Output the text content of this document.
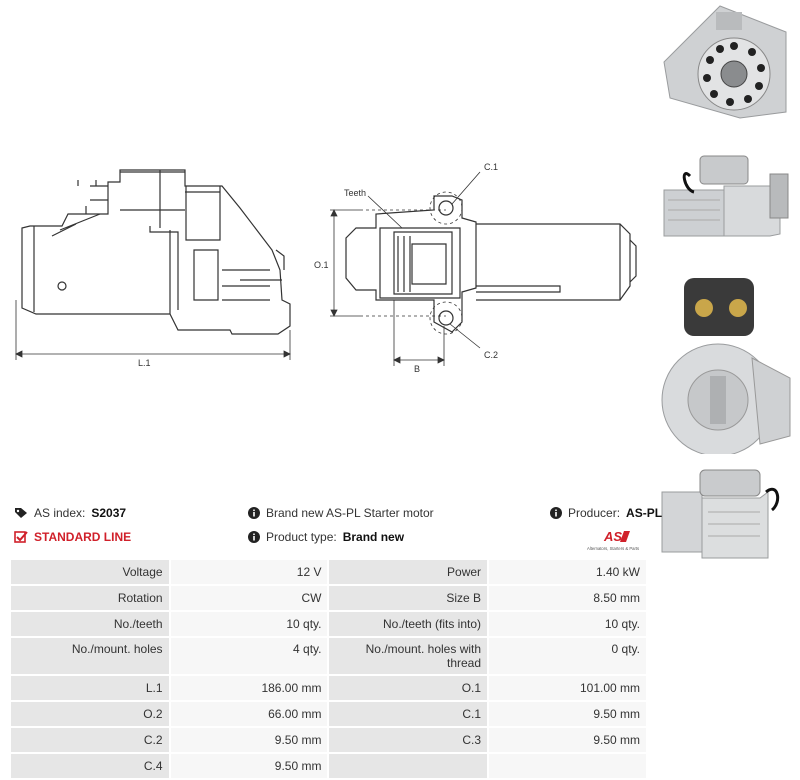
L.1
O.1
B
C.1
C.2
Teeth
AS index: S2037
STANDARD LINE
Brand new AS-PL Starter motor
Product type: Brand new
Producer: AS-PL
AS
Alternators, Starters & Parts
Voltage	12 V	Power	1.40 kW
Rotation	CW	Size B	8.50 mm
No./teeth	10 qty.	No./teeth (fits into)	10 qty.
No./mount. holes	4 qty.	No./mount. holes with thread	0 qty.
L.1	186.00 mm	O.1	101.00 mm
O.2	66.00 mm	C.1	9.50 mm
C.2	9.50 mm	C.3	9.50 mm
C.4	9.50 mm		
